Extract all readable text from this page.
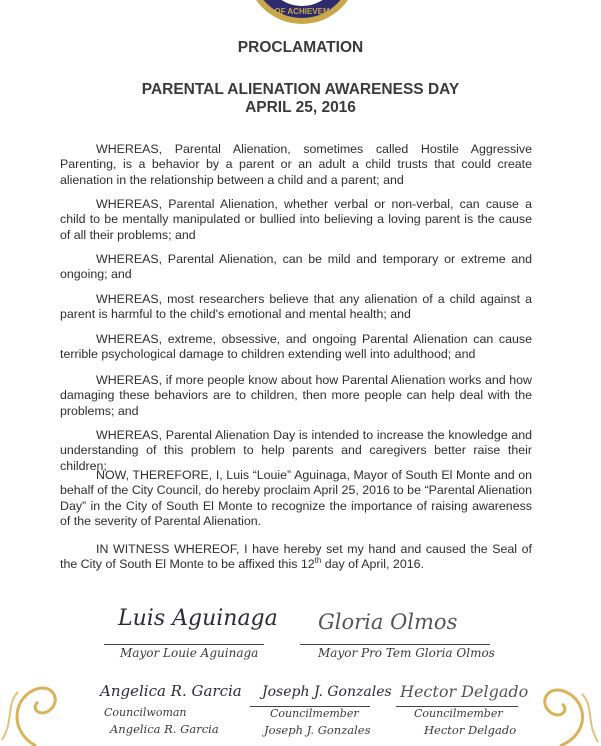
OF ACHIEVEM
PROCLAMATION
PARENTAL ALIENATION AWARENESS DAY
APRIL 25, 2016
WHEREAS, Parental Alienation, sometimes called Hostile Aggressive Parenting, is a behavior by a parent or an adult a child trusts that could create alienation in the relationship between a child and a parent; and
WHEREAS, Parental Alienation, whether verbal or non-verbal, can cause a child to be mentally manipulated or bullied into believing a loving parent is the cause of all their problems; and
WHEREAS, Parental Alienation, can be mild and temporary or extreme and ongoing; and
WHEREAS, most researchers believe that any alienation of a child against a parent is harmful to the child's emotional and mental health; and
WHEREAS, extreme, obsessive, and ongoing Parental Alienation can cause terrible psychological damage to children extending well into adulthood; and
WHEREAS, if more people know about how Parental Alienation works and how damaging these behaviors are to children, then more people can help deal with the problems; and
WHEREAS, Parental Alienation Day is intended to increase the knowledge and understanding of this problem to help parents and caregivers better raise their children;
NOW, THEREFORE, I, Luis “Louie” Aguinaga, Mayor of South El Monte and on behalf of the City Council, do hereby proclaim April 25, 2016 to be “Parental Alienation Day” in the City of South El Monte to recognize the importance of raising awareness of the severity of Parental Alienation.
IN WITNESS WHEREOF, I have hereby set my hand and caused the Seal of the City of South El Monte to be affixed this 12th day of April, 2016.
Luis Aguinaga
Mayor Louie Aguinaga
Gloria Olmos
Mayor Pro Tem Gloria Olmos
Angelica R. Garcia
Councilwoman
Angelica R. Garcia
Joseph J. Gonzales
Councilmember
Joseph J. Gonzales
Hector Delgado
Councilmember
Hector Delgado
